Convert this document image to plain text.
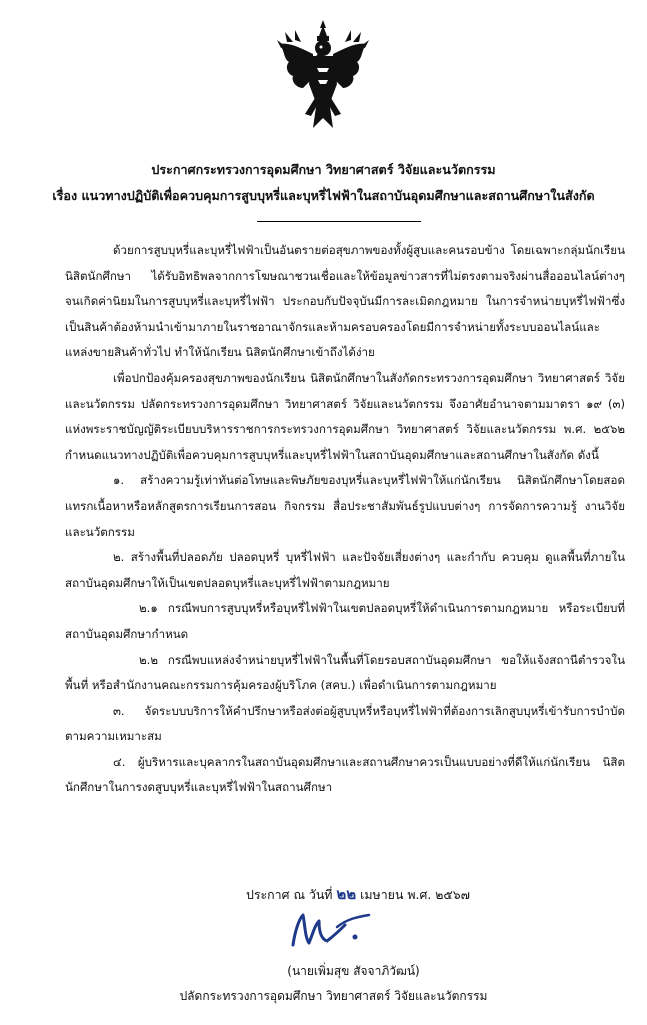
ประกาศกระทรวงการอุดมศึกษา วิทยาศาสตร์ วิจัยและนวัตกรรม
เรื่อง แนวทางปฏิบัติเพื่อควบคุมการสูบบุหรี่และบุหรี่ไฟฟ้าในสถาบันอุดมศึกษาและสถานศึกษาในสังกัด

ด้วยการสูบบุหรี่และบุหรี่ไฟฟ้าเป็นอันตรายต่อสุขภาพของทั้งผู้สูบและคนรอบข้าง โดยเฉพาะกลุ่มนักเรียน นิสิตนักศึกษา ได้รับอิทธิพลจากการโฆษณาชวนเชื่อและให้ข้อมูลข่าวสารที่ไม่ตรงตามจริงผ่านสื่อออนไลน์ต่างๆ จนเกิดค่านิยมในการสูบบุหรี่และบุหรี่ไฟฟ้า ประกอบกับปัจจุบันมีการละเมิดกฎหมาย ในการจำหน่ายบุหรี่ไฟฟ้าซึ่งเป็นสินค้าต้องห้ามนำเข้ามาภายในราชอาณาจักรและห้ามครอบครองโดยมีการจำหน่ายทั้งระบบออนไลน์และแหล่งขายสินค้าทั่วไป ทำให้นักเรียน นิสิตนักศึกษาเข้าถึงได้ง่าย

เพื่อปกป้องคุ้มครองสุขภาพของนักเรียน นิสิตนักศึกษาในสังกัดกระทรวงการอุดมศึกษา วิทยาศาสตร์ วิจัยและนวัตกรรม ปลัดกระทรวงการอุดมศึกษา วิทยาศาสตร์ วิจัยและนวัตกรรม จึงอาศัยอำนาจตามมาตรา ๑๙ (๓) แห่งพระราชบัญญัติระเบียบบริหารราชการกระทรวงการอุดมศึกษา วิทยาศาสตร์ วิจัยและนวัตกรรม พ.ศ. ๒๕๖๒ กำหนดแนวทางปฏิบัติเพื่อควบคุมการสูบบุหรี่และบุหรี่ไฟฟ้าในสถาบันอุดมศึกษาและสถานศึกษาในสังกัด ดังนี้

๑. สร้างความรู้เท่าทันต่อโทษและพิษภัยของบุหรี่และบุหรี่ไฟฟ้าให้แก่นักเรียน นิสิตนักศึกษาโดยสอดแทรกเนื้อหาหรือหลักสูตรการเรียนการสอน กิจกรรม สื่อประชาสัมพันธ์รูปแบบต่างๆ การจัดการความรู้ งานวิจัย และนวัตกรรม

๒. สร้างพื้นที่ปลอดภัย ปลอดบุหรี่ บุหรี่ไฟฟ้า และปัจจัยเสี่ยงต่างๆ และกำกับ ควบคุม ดูแลพื้นที่ภายในสถาบันอุดมศึกษาให้เป็นเขตปลอดบุหรี่และบุหรี่ไฟฟ้าตามกฎหมาย

๒.๑ กรณีพบการสูบบุหรี่หรือบุหรี่ไฟฟ้าในเขตปลอดบุหรี่ให้ดำเนินการตามกฎหมาย หรือระเบียบที่สถาบันอุดมศึกษากำหนด

๒.๒ กรณีพบแหล่งจำหน่ายบุหรี่ไฟฟ้าในพื้นที่โดยรอบสถาบันอุดมศึกษา ขอให้แจ้งสถานีตำรวจในพื้นที่ หรือสำนักงานคณะกรรมการคุ้มครองผู้บริโภค (สคบ.) เพื่อดำเนินการตามกฎหมาย

๓. จัดระบบบริการให้คำปรึกษาหรือส่งต่อผู้สูบบุหรี่หรือบุหรี่ไฟฟ้าที่ต้องการเลิกสูบบุหรี่เข้ารับการบำบัดตามความเหมาะสม

๔. ผู้บริหารและบุคลากรในสถาบันอุดมศึกษาและสถานศึกษาควรเป็นแบบอย่างที่ดีให้แก่นักเรียน นิสิตนักศึกษาในการงดสูบบุหรี่และบุหรี่ไฟฟ้าในสถานศึกษา

ประกาศ ณ วันที่ ๒๒ เมษายน พ.ศ. ๒๕๖๗
(นายเพิ่มสุข สัจจาภิวัฒน์)
ปลัดกระทรวงการอุดมศึกษา วิทยาศาสตร์ วิจัยและนวัตกรรม
